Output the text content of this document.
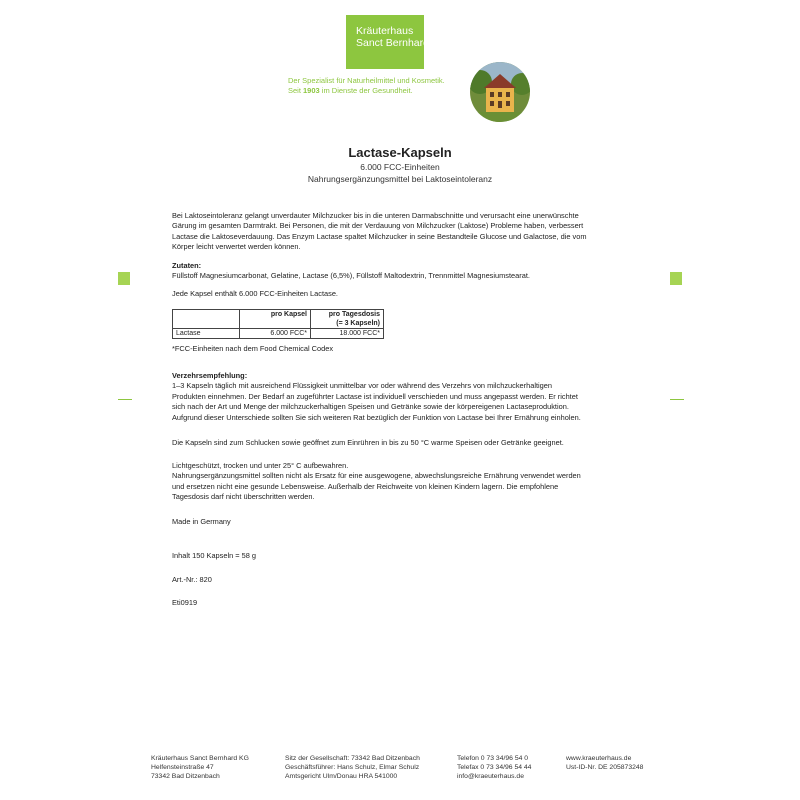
Kräuterhaus
Sanct Bernhard
Der Spezialist für Naturheilmittel und Kosmetik.
Seit 1903 im Dienste der Gesundheit.
Lactase-Kapseln
6.000 FCC-Einheiten
Nahrungsergänzungsmittel bei Laktoseintoleranz
Bei Laktoseintoleranz gelangt unverdauter Milchzucker bis in die unteren Darmabschnitte und verursacht eine unerwünschte
Gärung im gesamten Darmtrakt. Bei Personen, die mit der Verdauung von Milchzucker (Laktose) Probleme haben, verbessert
Lactase die Laktoseverdauung. Das Enzym Lactase spaltet Milchzucker in seine Bestandteile Glucose und Galactose, die vom
Körper leicht verwertet werden können.
Zutaten:
Füllstoff Magnesiumcarbonat, Gelatine, Lactase (6,5%), Füllstoff Maltodextrin, Trennmittel Magnesiumstearat.
Jede Kapsel enthält 6.000 FCC-Einheiten Lactase.
	pro Kapsel	pro Tagesdosis
(= 3 Kapseln)

Lactase	6.000 FCC*	18.000 FCC*
*FCC-Einheiten nach dem Food Chemical Codex
Verzehrsempfehlung:
1–3 Kapseln täglich mit ausreichend Flüssigkeit unmittelbar vor oder während des Verzehrs von milchzuckerhaltigen
Produkten einnehmen. Der Bedarf an zugeführter Lactase ist individuell verschieden und muss angepasst werden. Er richtet
sich nach der Art und Menge der milchzuckerhaltigen Speisen und Getränke sowie der körpereigenen Lactaseproduktion.
Aufgrund dieser Unterschiede sollten Sie sich weiteren Rat bezüglich der Funktion von Lactase bei Ihrer Ernährung einholen.
Die Kapseln sind zum Schlucken sowie geöffnet zum Einrühren in bis zu 50 °C warme Speisen oder Getränke geeignet.
Lichtgeschützt, trocken und unter 25° C aufbewahren.
Nahrungsergänzungsmittel sollten nicht als Ersatz für eine ausgewogene, abwechslungsreiche Ernährung verwendet werden
und ersetzen nicht eine gesunde Lebensweise. Außerhalb der Reichweite von kleinen Kindern lagern. Die empfohlene
Tagesdosis darf nicht überschritten werden.
Made in Germany
Inhalt 150 Kapseln = 58 g
Art.-Nr.: 820
Eti0919
Kräuterhaus Sanct Bernhard KG
Helfensteinstraße 47
73342 Bad Ditzenbach
Sitz der Gesellschaft: 73342 Bad Ditzenbach
Geschäftsführer: Hans Schulz, Elmar Schulz
Amtsgericht Ulm/Donau HRA 541000
Telefon 0 73 34/96 54 0
Telefax 0 73 34/96 54 44
info@kraeuterhaus.de
www.kraeuterhaus.de
Ust-ID-Nr. DE 205873248
